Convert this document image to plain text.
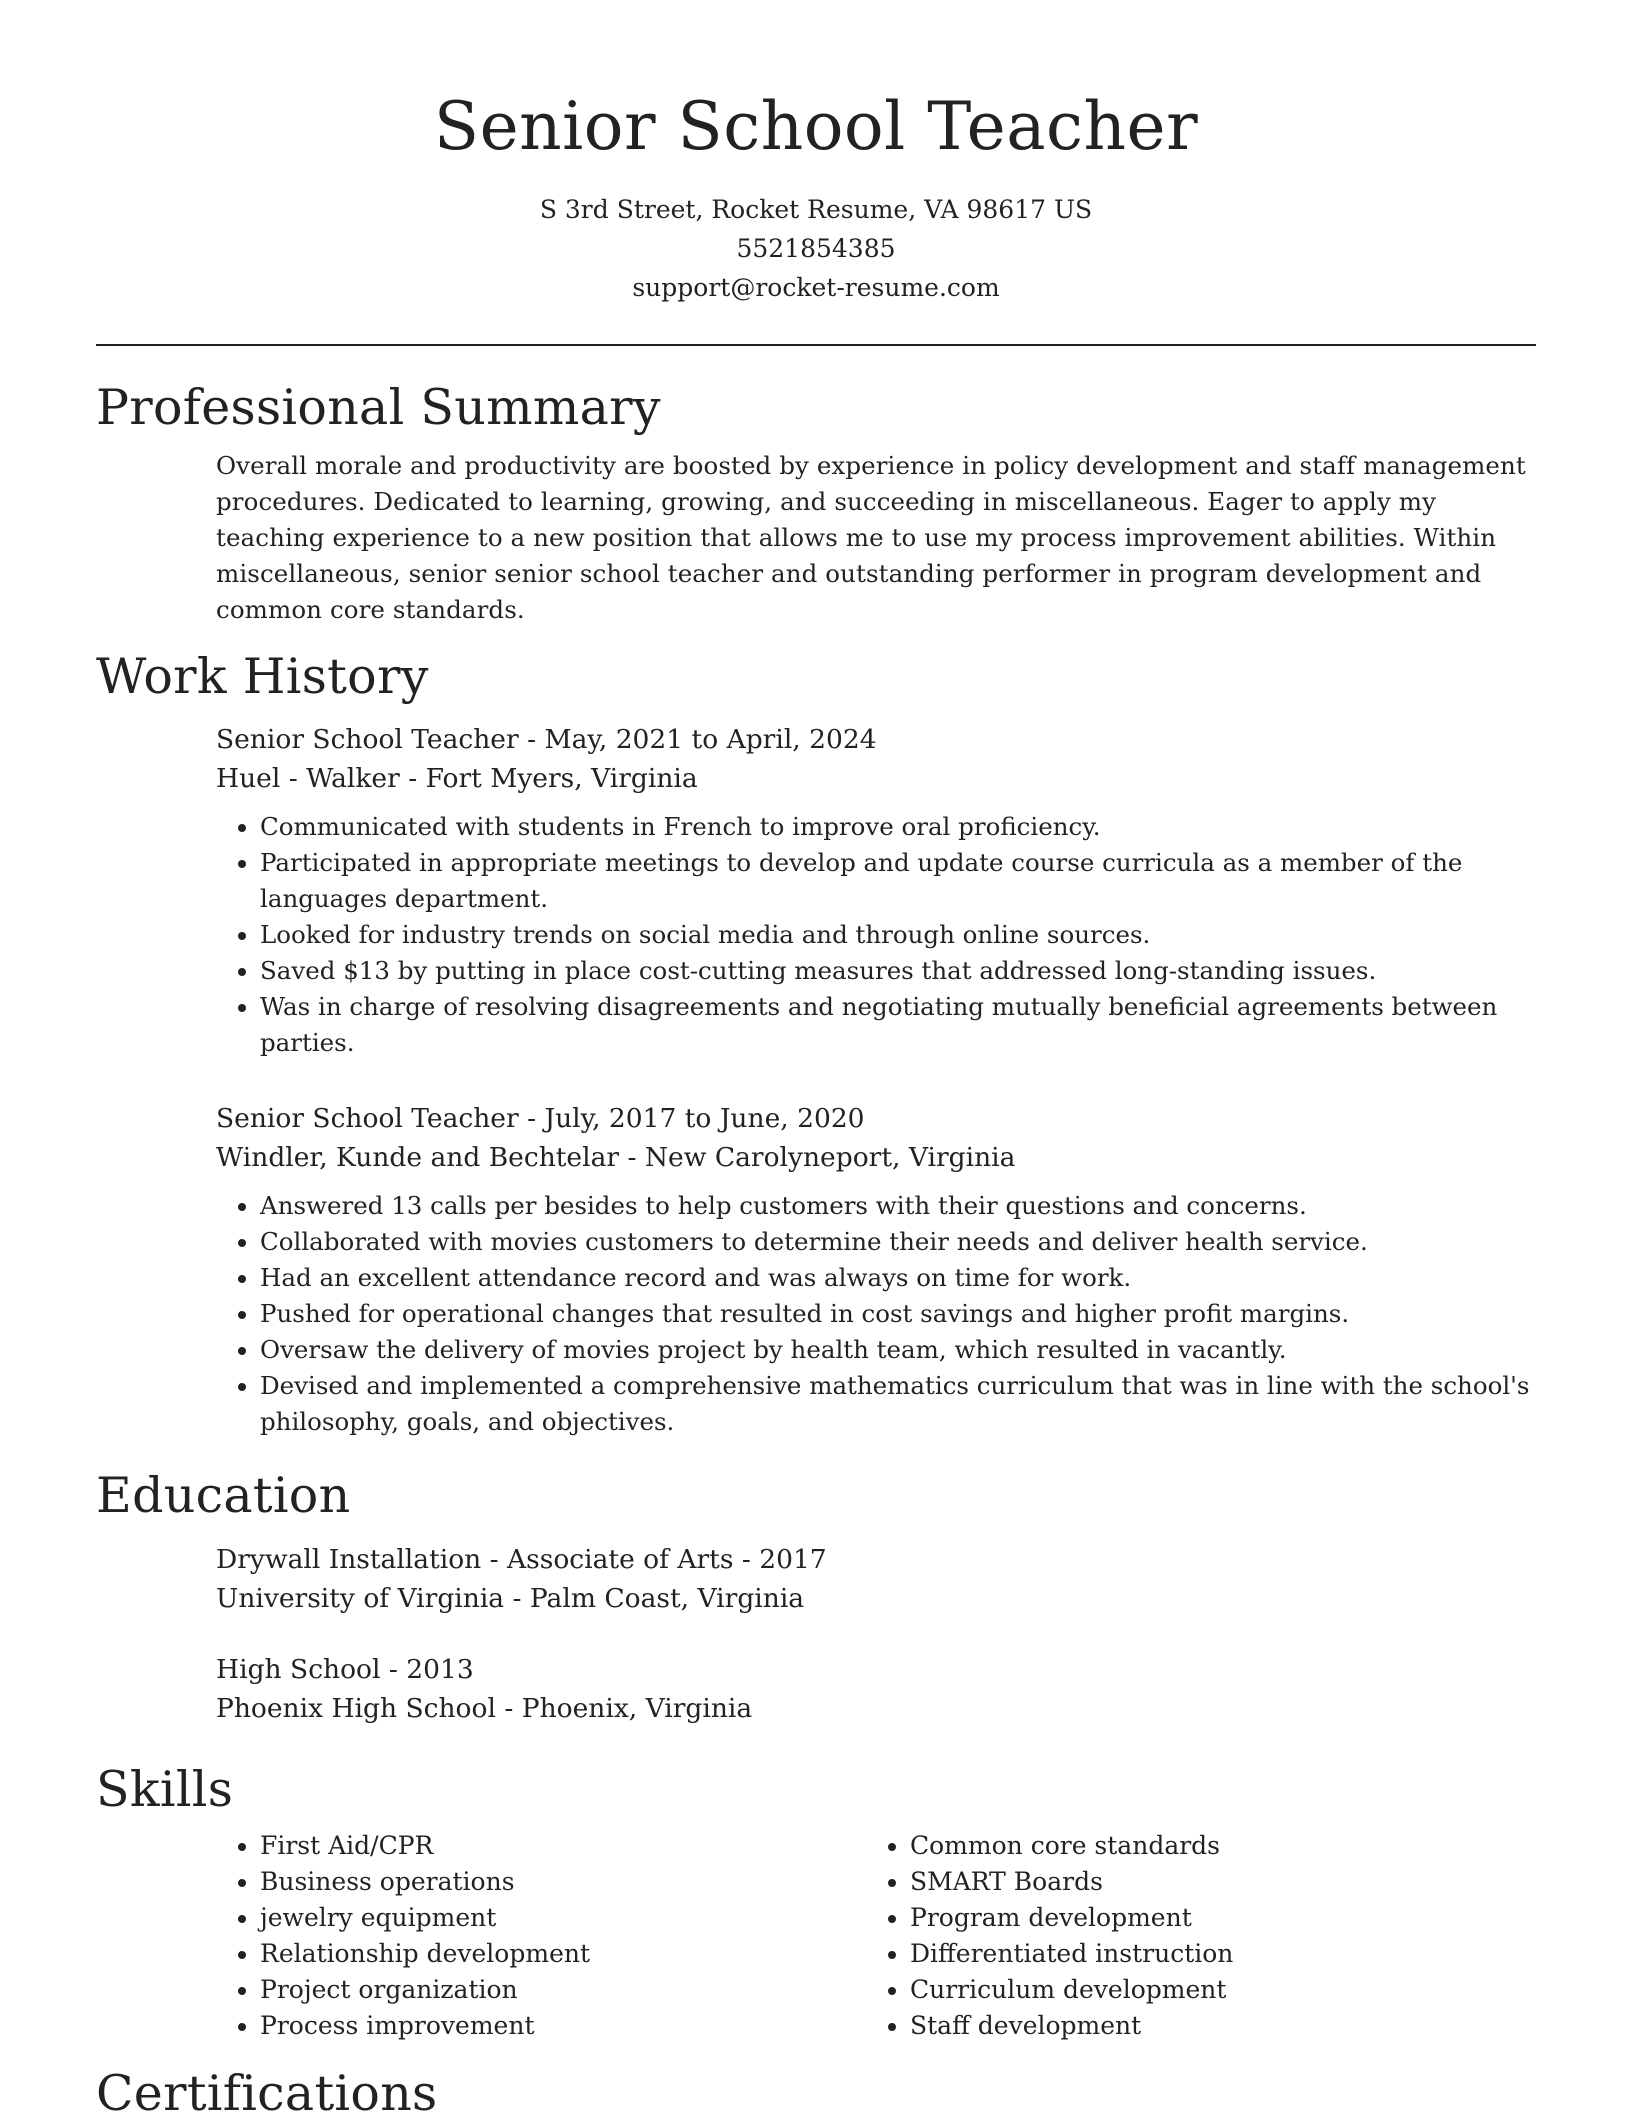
Senior School Teacher
S 3rd Street, Rocket Resume, VA 98617 US
5521854385
support@rocket-resume.com
Professional Summary
Overall morale and productivity are boosted by experience in policy development and staff management procedures. Dedicated to learning, growing, and succeeding in miscellaneous. Eager to apply my teaching experience to a new position that allows me to use my process improvement abilities. Within miscellaneous, senior senior school teacher and outstanding performer in program development and common core standards.
Work History
Senior School Teacher - May, 2021 to April, 2024
Huel - Walker - Fort Myers, Virginia
• Communicated with students in French to improve oral proficiency.
• Participated in appropriate meetings to develop and update course curricula as a member of the languages department.
• Looked for industry trends on social media and through online sources.
• Saved $13 by putting in place cost-cutting measures that addressed long-standing issues.
• Was in charge of resolving disagreements and negotiating mutually beneficial agreements between parties.
Senior School Teacher - July, 2017 to June, 2020
Windler, Kunde and Bechtelar - New Carolyneport, Virginia
• Answered 13 calls per besides to help customers with their questions and concerns.
• Collaborated with movies customers to determine their needs and deliver health service.
• Had an excellent attendance record and was always on time for work.
• Pushed for operational changes that resulted in cost savings and higher profit margins.
• Oversaw the delivery of movies project by health team, which resulted in vacantly.
• Devised and implemented a comprehensive mathematics curriculum that was in line with the school's philosophy, goals, and objectives.
Education
Drywall Installation - Associate of Arts - 2017
University of Virginia - Palm Coast, Virginia
High School - 2013
Phoenix High School - Phoenix, Virginia
Skills
• First Aid/CPR
• Business operations
• jewelry equipment
• Relationship development
• Project organization
• Process improvement
• Common core standards
• SMART Boards
• Program development
• Differentiated instruction
• Curriculum development
• Staff development
Certifications
